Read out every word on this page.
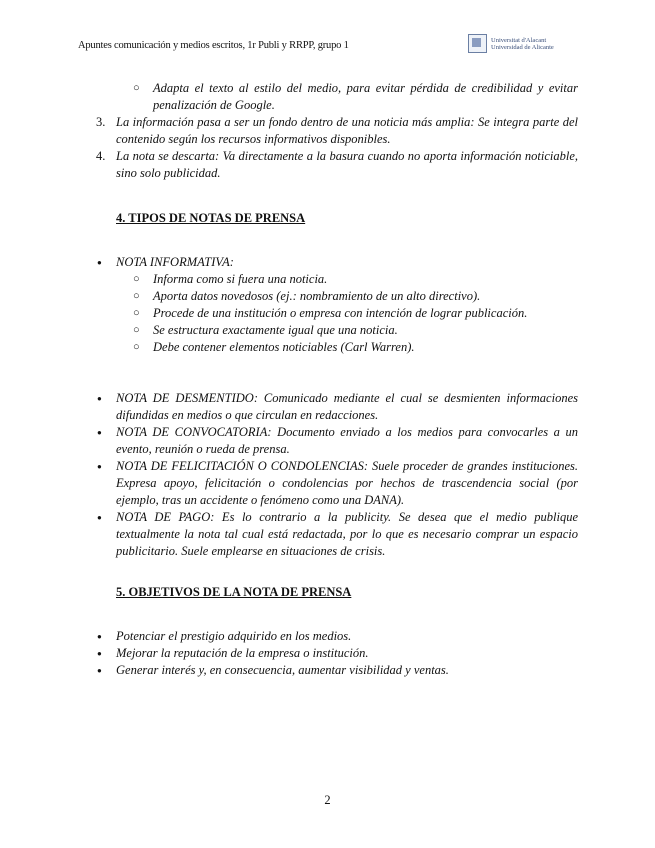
Apuntes comunicación y medios escritos, 1r Publi y RRPP, grupo 1	Universitat d'Alacant Universidad de Alicante
○ Adapta el texto al estilo del medio, para evitar pérdida de credibilidad y evitar penalización de Google.
3. La información pasa a ser un fondo dentro de una noticia más amplia: Se integra parte del contenido según los recursos informativos disponibles.
4. La nota se descarta: Va directamente a la basura cuando no aporta información noticiable, sino solo publicidad.
4. TIPOS DE NOTAS DE PRENSA
● NOTA INFORMATIVA:
○ Informa como si fuera una noticia.
○ Aporta datos novedosos (ej.: nombramiento de un alto directivo).
○ Procede de una institución o empresa con intención de lograr publicación.
○ Se estructura exactamente igual que una noticia.
○ Debe contener elementos noticiables (Carl Warren).
● NOTA DE DESMENTIDO: Comunicado mediante el cual se desmienten informaciones difundidas en medios o que circulan en redacciones.
● NOTA DE CONVOCATORIA: Documento enviado a los medios para convocarles a un evento, reunión o rueda de prensa.
● NOTA DE FELICITACIÓN O CONDOLENCIAS: Suele proceder de grandes instituciones. Expresa apoyo, felicitación o condolencias por hechos de trascendencia social (por ejemplo, tras un accidente o fenómeno como una DANA).
● NOTA DE PAGO: Es lo contrario a la publicity. Se desea que el medio publique textualmente la nota tal cual está redactada, por lo que es necesario comprar un espacio publicitario. Suele emplearse en situaciones de crisis.
5. OBJETIVOS DE LA NOTA DE PRENSA
● Potenciar el prestigio adquirido en los medios.
● Mejorar la reputación de la empresa o institución.
● Generar interés y, en consecuencia, aumentar visibilidad y ventas.
2
